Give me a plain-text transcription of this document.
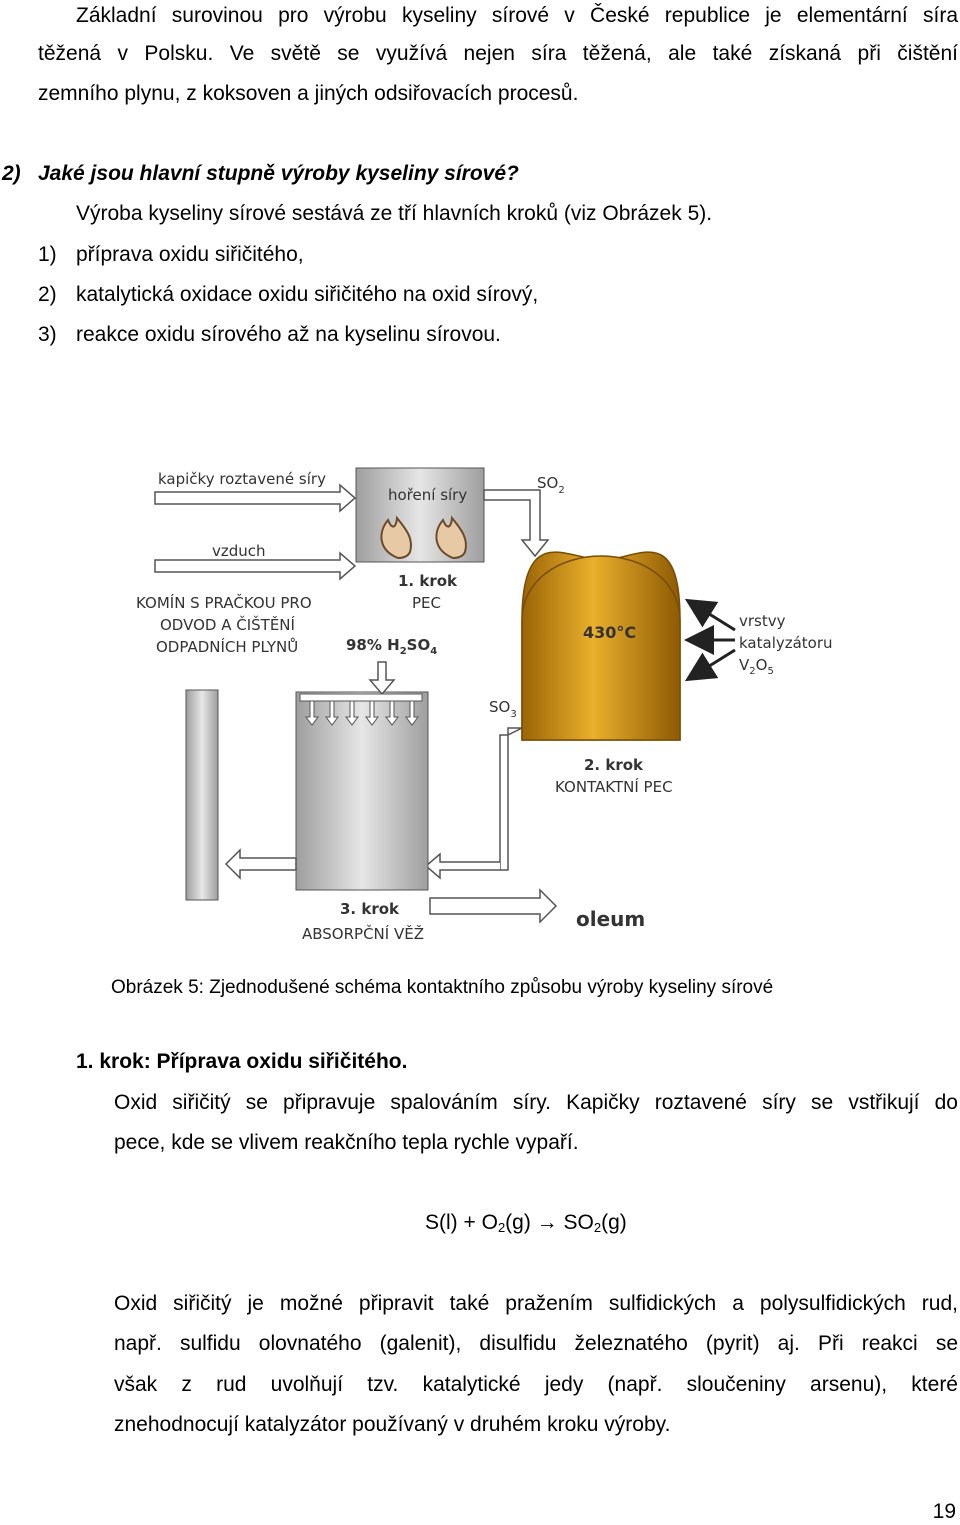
Základní surovinou pro výrobu kyseliny sírové v České republice je elementární síra
těžená v Polsku. Ve světě se využívá nejen síra těžená, ale také získaná při čištění
zemního plynu, z koksoven a jiných odsiřovacích procesů.
2) Jaké jsou hlavní stupně výroby kyseliny sírové?
Výroba kyseliny sírové sestává ze tří hlavních kroků (viz Obrázek 5).
1) příprava oxidu siřičitého,
2) katalytická oxidace oxidu siřičitého na oxid sírový,
3) reakce oxidu sírového až na kyselinu sírovou.
kapičky roztavené síry
vzduch
hoření síry
$SO_2$
1. krok
PEC
KOMÍN S PRAČKOU PRO
ODVOD A ČIŠTĚNÍ
ODPADNÍCH PLYNŮ	98% $H_2SO_4$
430°C
vrstvy
katalyzátoru
$V_2O_5$
$SO_3$
2. krok
KONTAKTNÍ PEC
3. krok
ABSORPČNÍ VĚŽ
oleum
Obrázek 5: Zjednodušené schéma kontaktního způsobu výroby kyseliny sírové
1. krok: Příprava oxidu siřičitého.
Oxid siřičitý se připravuje spalováním síry. Kapičky roztavené síry se vstřikují do
pece, kde se vlivem reakčního tepla rychle vypaří.
$S(l) + O_2(g) \to SO_2(g)$
Oxid siřičitý je možné připravit také pražením sulfidických a polysulfidických rud,
např. sulfidu olovnatého (galenit), disulfidu železnatého (pyrit) aj. Při reakci se
však z rud uvolňují tzv. katalytické jedy (např. sloučeniny arsenu), které
znehodnocují katalyzátor používaný v druhém kroku výroby.
19
